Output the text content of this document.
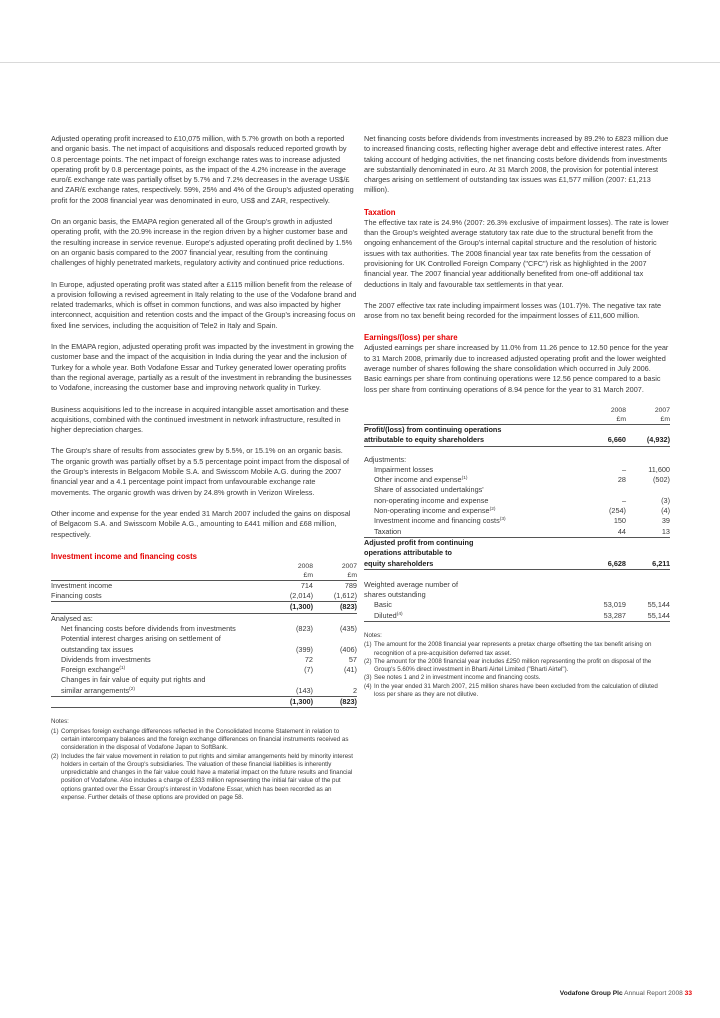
Adjusted operating profit increased to £10,075 million, with 5.7% growth on both a reported and organic basis. The net impact of acquisitions and disposals reduced reported growth by 0.8 percentage points. The net impact of foreign exchange rates was to increase adjusted operating profit by 0.8 percentage points, as the impact of the 4.2% increase in the average euro/£ exchange rate was partially offset by 5.7% and 7.2% decreases in the average US$/£ and ZAR/£ exchange rates, respectively. 59%, 25% and 4% of the Group's adjusted operating profit for the 2008 financial year was denominated in euro, US$ and ZAR, respectively.

On an organic basis, the EMAPA region generated all of the Group's growth in adjusted operating profit, with the 20.9% increase in the region driven by a higher customer base and the resulting increase in service revenue. Europe's adjusted operating profit declined by 1.5% on an organic basis compared to the 2007 financial year, resulting from the continuing challenges of highly penetrated markets, regulatory activity and continued price reductions.

In Europe, adjusted operating profit was stated after a £115 million benefit from the release of a provision following a revised agreement in Italy relating to the use of the Vodafone brand and related trademarks, which is offset in common functions, and was also impacted by higher interconnect, acquisition and retention costs and the impact of the Group's increasing focus on fixed line services, including the acquisition of Tele2 in Italy and Spain.

In the EMAPA region, adjusted operating profit was impacted by the investment in growing the customer base and the impact of the acquisition in India during the year and the inclusion of Turkey for a whole year. Both Vodafone Essar and Turkey generated lower operating profits than the regional average, partially as a result of the investment in rebranding the businesses to Vodafone, increasing the customer base and improving network quality in Turkey.

Business acquisitions led to the increase in acquired intangible asset amortisation and these acquisitions, combined with the continued investment in network infrastructure, resulted in higher depreciation charges.

The Group's share of results from associates grew by 5.5%, or 15.1% on an organic basis. The organic growth was partially offset by a 5.5 percentage point impact from the disposal of the Group's interests in Belgacom Mobile S.A. and Swisscom Mobile A.G. during the 2007 financial year and a 4.1 percentage point impact from unfavourable exchange rate movements. The organic growth was driven by 24.8% growth in Verizon Wireless.

Other income and expense for the year ended 31 March 2007 included the gains on disposal of Belgacom S.A. and Swisscom Mobile A.G., amounting to £441 million and £68 million, respectively.

Investment income and financing costs
	2008	2007
	£m	£m
Investment income	714	789
Financing costs	(2,014)	(1,612)
	(1,300)	(823)
Analysed as:		
Net financing costs before dividends from investments	(823)	(435)
Potential interest charges arising on settlement of		
outstanding tax issues	(399)	(406)
Dividends from investments	72	57
Foreign exchange$^{(1)}$	(7)	(41)
Changes in fair value of equity put rights and		
similar arrangements$^{(2)}$	(143)	2
	(1,300)	(823)
Notes:
(1) Comprises foreign exchange differences reflected in the Consolidated Income Statement in relation to certain intercompany balances and the foreign exchange differences on financial instruments received as consideration in the disposal of Vodafone Japan to SoftBank.
(2) Includes the fair value movement in relation to put rights and similar arrangements held by minority interest holders in certain of the Group's subsidiaries. The valuation of these financial liabilities is inherently unpredictable and changes in the fair value could have a material impact on the future results and financial position of Vodafone. Also includes a charge of £333 million representing the initial fair value of the put options granted over the Essar Group's interest in Vodafone Essar, which has been recorded as an expense. Further details of these options are provided on page 58.

Net financing costs before dividends from investments increased by 89.2% to £823 million due to increased financing costs, reflecting higher average debt and effective interest rates. After taking account of hedging activities, the net financing costs before dividends from investments are substantially denominated in euro. At 31 March 2008, the provision for potential interest charges arising on settlement of outstanding tax issues was £1,577 million (2007: £1,213 million).

Taxation

The effective tax rate is 24.9% (2007: 26.3% exclusive of impairment losses). The rate is lower than the Group's weighted average statutory tax rate due to the structural benefit from the ongoing enhancement of the Group's internal capital structure and the resolution of historic issues with tax authorities. The 2008 financial year tax rate benefits from the cessation of provisioning for UK Controlled Foreign Company ("CFC") risk as highlighted in the 2007 financial year. The 2007 financial year additionally benefited from one-off additional tax deductions in Italy and favourable tax settlements in that year.

The 2007 effective tax rate including impairment losses was (101.7)%. The negative tax rate arose from no tax benefit being recorded for the impairment losses of £11,600 million.

Earnings/(loss) per share

Adjusted earnings per share increased by 11.0% from 11.26 pence to 12.50 pence for the year to 31 March 2008, primarily due to increased adjusted operating profit and the lower weighted average number of shares following the share consolidation which occurred in July 2006. Basic earnings per share from continuing operations were 12.56 pence compared to a basic loss per share from continuing operations of 8.94 pence for the year to 31 March 2007.

	2008	2007
	£m	£m
Profit/(loss) from continuing operations		
attributable to equity shareholders	6,660	(4,932)

Adjustments:		
Impairment losses	–	11,600
Other income and expense$^{(1)}$	28	(502)
Share of associated undertakings'		
non-operating income and expense	–	(3)
Non-operating income and expense$^{(2)}$	(254)	(4)
Investment income and financing costs$^{(3)}$	150	39
Taxation	44	13
Adjusted profit from continuing		
operations attributable to		
equity shareholders	6,628	6,211

Weighted average number of		
shares outstanding		
Basic	53,019	55,144
Diluted$^{(4)}$	53,287	55,144
Notes:
(1) The amount for the 2008 financial year represents a pretax charge offsetting the tax benefit arising on recognition of a pre-acquisition deferred tax asset.
(2) The amount for the 2008 financial year includes £250 million representing the profit on disposal of the Group's 5.60% direct investment in Bharti Airtel Limited ("Bharti Airtel").
(3) See notes 1 and 2 in investment income and financing costs.
(4) In the year ended 31 March 2007, 215 million shares have been excluded from the calculation of diluted loss per share as they are not dilutive.
Vodafone Group Plc Annual Report 2008 33
